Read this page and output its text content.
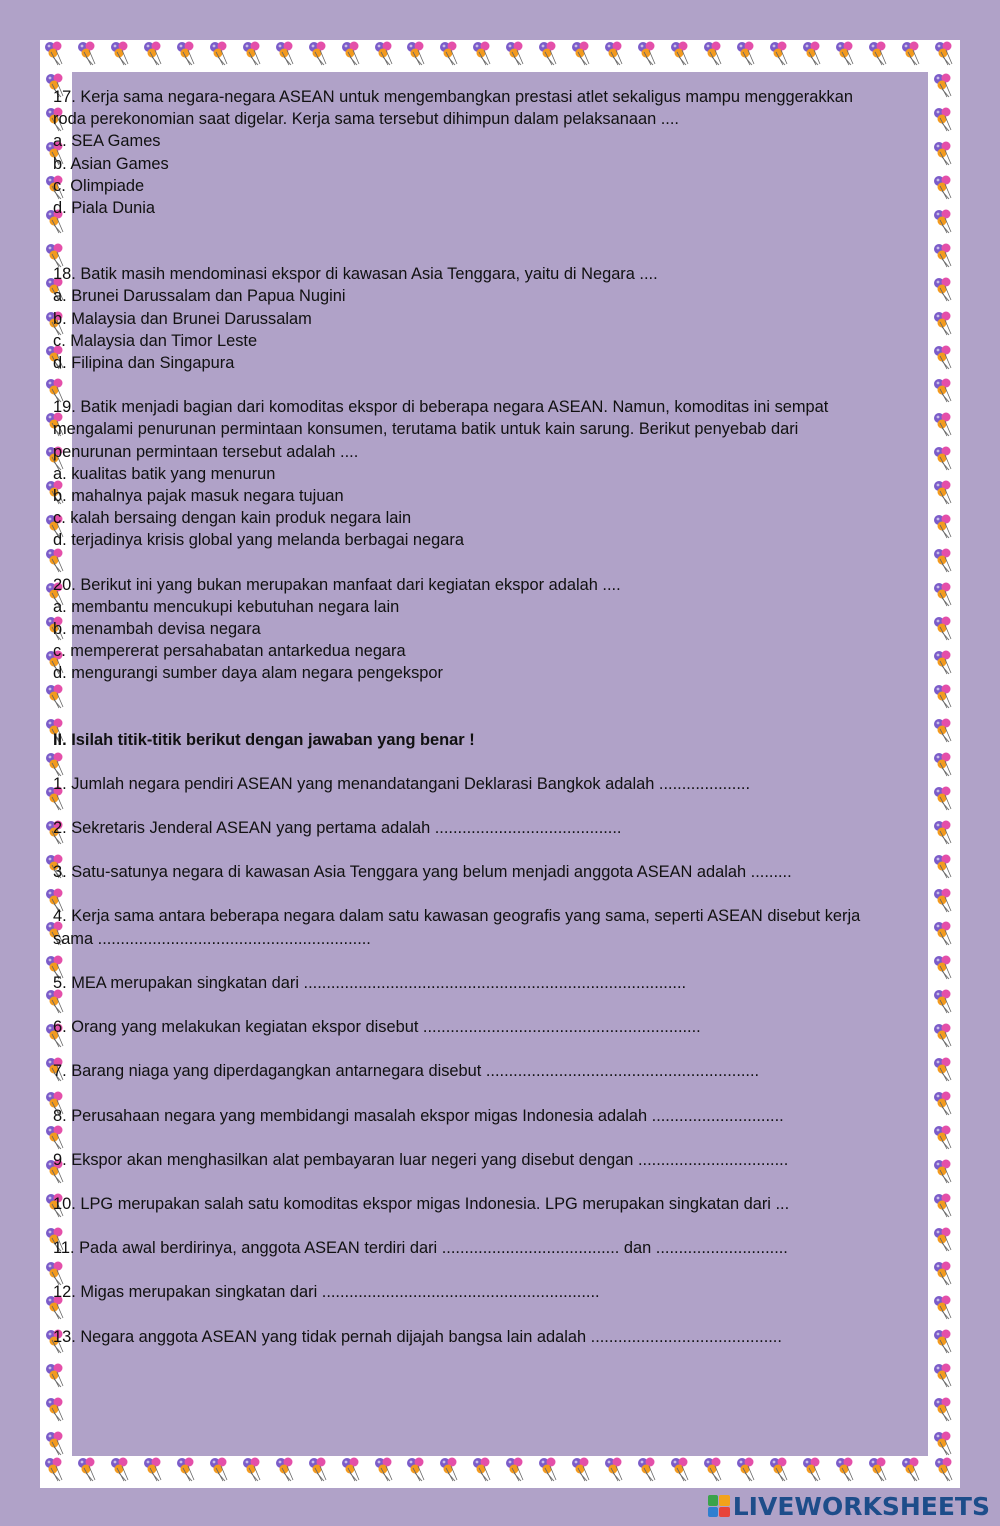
17. Kerja sama negara-negara ASEAN untuk mengembangkan prestasi atlet sekaligus mampu menggerakkan roda perekonomian saat digelar. Kerja sama tersebut dihimpun dalam pelaksanaan ....

a. SEA Games

b. Asian Games

c. Olimpiade

d. Piala Dunia

18. Batik masih mendominasi ekspor di kawasan Asia Tenggara, yaitu di Negara ....

a. Brunei Darussalam dan Papua Nugini

b. Malaysia dan Brunei Darussalam

c. Malaysia dan Timor Leste

d. Filipina dan Singapura

19. Batik menjadi bagian dari komoditas ekspor di beberapa negara ASEAN. Namun, komoditas ini sempat mengalami penurunan permintaan konsumen, terutama batik untuk kain sarung. Berikut penyebab dari penurunan permintaan tersebut adalah ....

a. kualitas batik yang menurun

b. mahalnya pajak masuk negara tujuan

c. kalah bersaing dengan kain produk negara lain

d. terjadinya krisis global yang melanda berbagai negara

20. Berikut ini yang bukan merupakan manfaat dari kegiatan ekspor adalah ....

a. membantu mencukupi kebutuhan negara lain

b. menambah devisa negara

c. mempererat persahabatan antarkedua negara

d. mengurangi sumber daya alam negara pengekspor

II. Isilah titik-titik berikut dengan jawaban yang benar !

1. Jumlah negara pendiri ASEAN yang menandatangani Deklarasi Bangkok adalah ....................

2. Sekretaris Jenderal ASEAN yang pertama adalah .........................................

3. Satu-satunya negara di kawasan Asia Tenggara yang belum menjadi anggota ASEAN adalah .........

4. Kerja sama antara beberapa negara dalam satu kawasan geografis yang sama, seperti ASEAN disebut kerja sama ............................................................

5. MEA merupakan singkatan dari ....................................................................................

6. Orang yang melakukan kegiatan ekspor disebut .............................................................

7. Barang niaga yang diperdagangkan antarnegara disebut ............................................................

8. Perusahaan negara yang membidangi masalah ekspor migas Indonesia adalah .............................

9. Ekspor akan menghasilkan alat pembayaran luar negeri yang disebut dengan .................................

10. LPG merupakan salah satu komoditas ekspor migas Indonesia. LPG merupakan singkatan dari ...

11. Pada awal berdirinya, anggota ASEAN terdiri dari ....................................... dan .............................

12. Migas merupakan singkatan dari .............................................................

13. Negara anggota ASEAN yang tidak pernah dijajah bangsa lain adalah ..........................................

LIVEWORKSHEETS
